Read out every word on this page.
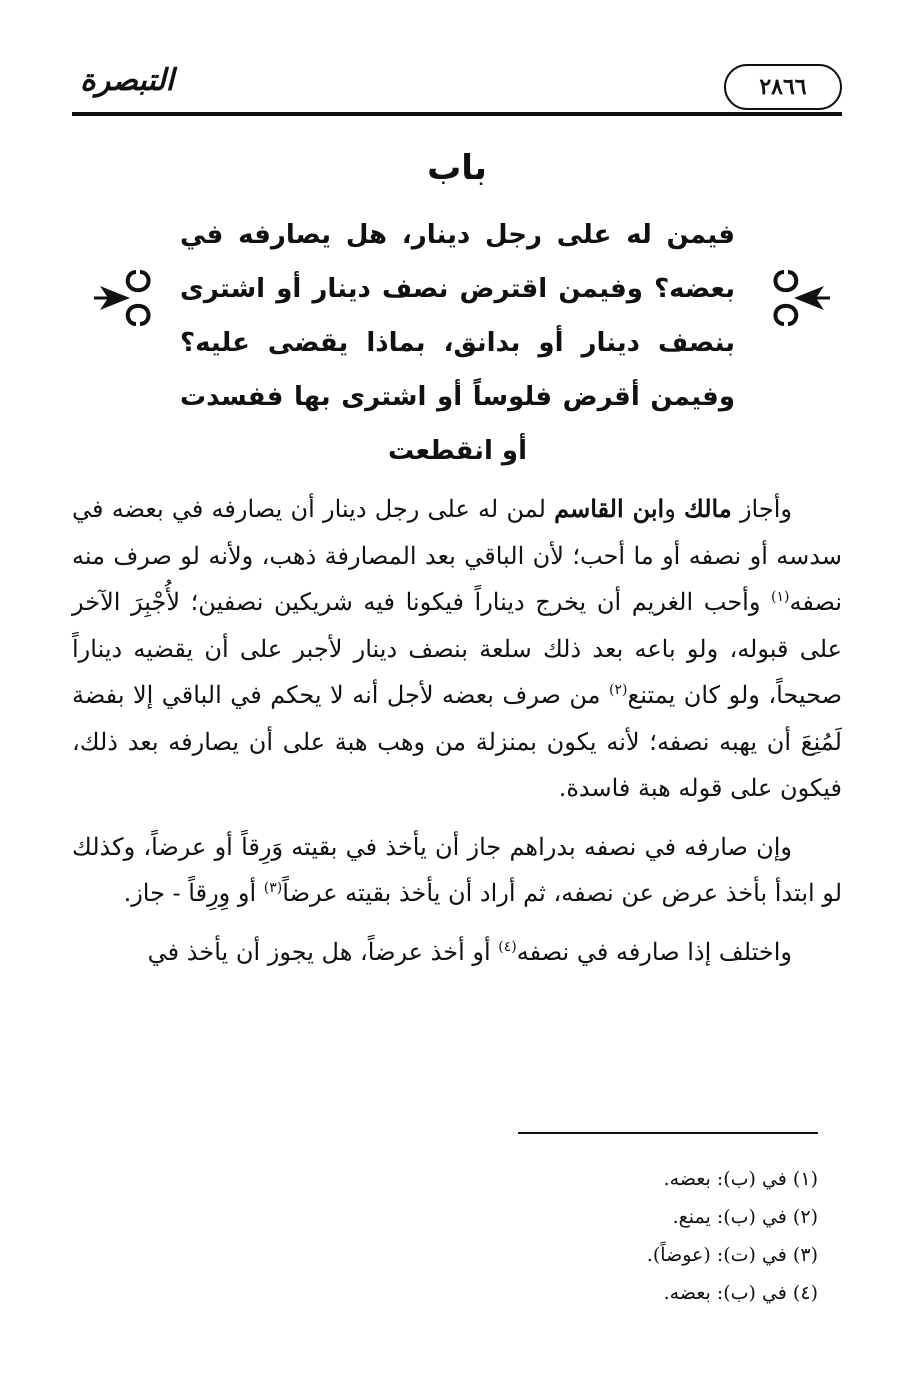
التبصرة	٢٨٦٦
باب
فيمن له على رجل دينار، هل يصارفه في
بعضه؟ وفيمن اقترض نصف دينار أو اشترى
بنصف دينار أو بدانق، بماذا يقضى عليه؟
وفيمن أقرض فلوساً أو اشترى بها ففسدت
أو انقطعت

وأجاز مالك وابن القاسم لمن له على رجل دينار أن يصارفه في بعضه في سدسه أو نصفه أو ما أحب؛ لأن الباقي بعد المصارفة ذهب، ولأنه لو صرف منه نصفه$^{(١)}$ وأحب الغريم أن يخرج ديناراً فيكونا فيه شريكين نصفين؛ لأُجْبِرَ الآخر على قبوله، ولو باعه بعد ذلك سلعة بنصف دينار لأجبر على أن يقضيه ديناراً صحيحاً، ولو كان يمتنع$^{(٢)}$ من صرف بعضه لأجل أنه لا يحكم في الباقي إلا بفضة لَمُنِعَ أن يهبه نصفه؛ لأنه يكون بمنزلة من وهب هبة على أن يصارفه بعد ذلك، فيكون على قوله هبة فاسدة.

وإن صارفه في نصفه بدراهم جاز أن يأخذ في بقيته وَرِقاً أو عرضاً، وكذلك لو ابتدأ بأخذ عرض عن نصفه، ثم أراد أن يأخذ بقيته عرضاً$^{(٣)}$ أو وِرِقاً - جاز.

واختلف إذا صارفه في نصفه$^{(٤)}$ أو أخذ عرضاً، هل يجوز أن يأخذ في

(١) في (ب): بعضه.
(٢) في (ب): يمنع.
(٣) في (ت): (عوضاً).
(٤) في (ب): بعضه.
